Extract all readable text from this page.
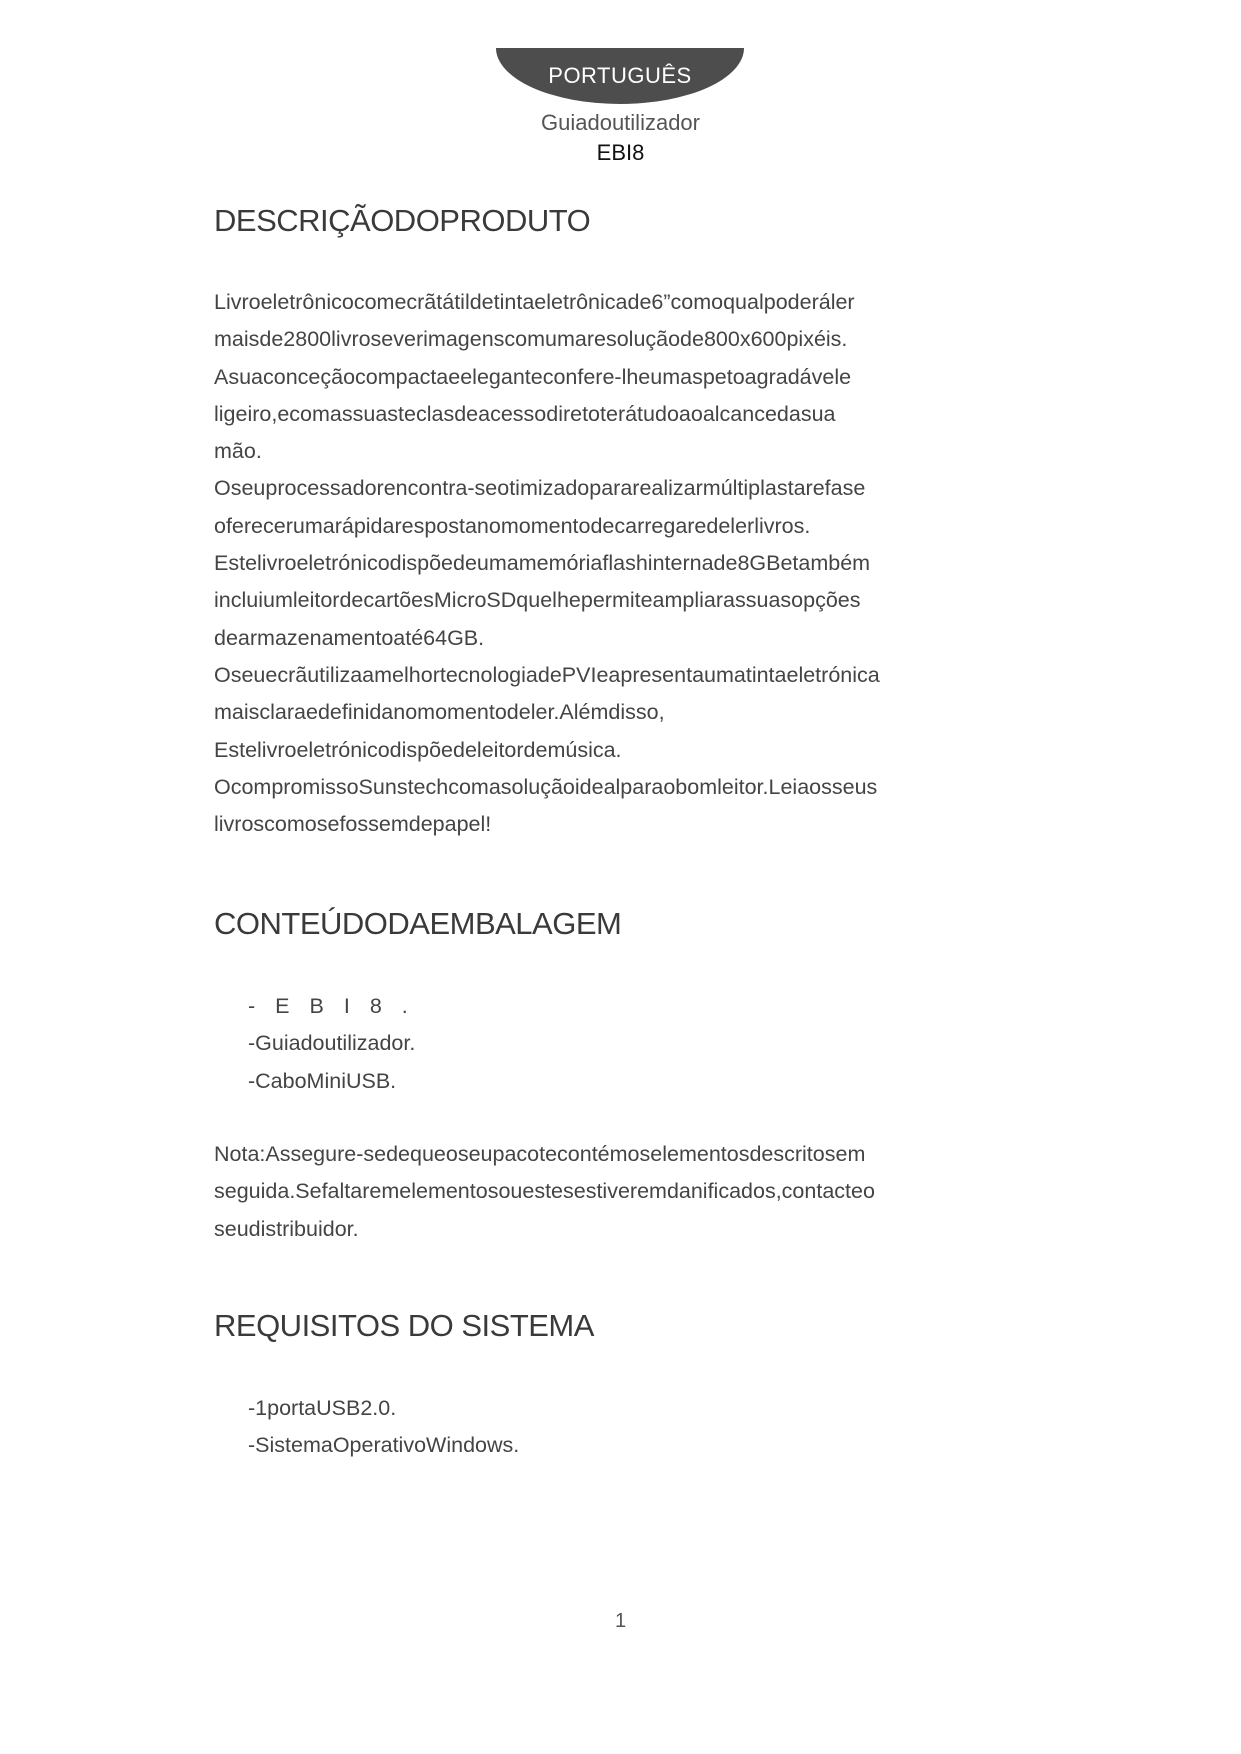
PORTUGUÊS
Guiadoutilizador
EBI8
DESCRIÇÃODOPRODUTO
Livroeletrônicocomecrãtátildetintaeletrônicade6”comoqualpoderáler
maisde2800livroseverimagenscomumaresoluçãode800x600pixéis.
Asuaconceçãocompactaeeleganteconfere-lheumaspetoagradávele
ligeiro,ecomassuasteclasdeacessodiretoterátudoaoalcancedasua
mão.
Oseuprocessadorencontra-seotimizadopararealizarmúltiplastarefase
oferecerumarápidarespostanomomentodecarregaredelerlivros.
Estelivroeletrónicodispõedeumamemóriaflashinternade8GBetambém
incluiumleitordecartõesMicroSDquelhepermiteampliarassuasopções
dearmazenamentoaté64GB.
OseuecrãutilizaamelhortecnologiadePVIeapresentaumatintaeletrónica
maisclaraedefinidanomomentodeler.Alémdisso,
Estelivroeletrónicodispõedeleitordemúsica.
OcompromissoSunstechcomasoluçãoidealparaobomleitor.Leiaosseus
livroscomosefossemdepapel!
CONTEÚDODAEMBALAGEM
-EBI8.
-Guiadoutilizador.
-CaboMiniUSB.
Nota:Assegure-sedequeoseupacotecontémoselementosdescritosem
seguida.Sefaltaremelementosouestesestiveremdanificados,contacteo
seudistribuidor.
REQUISITOS DO SISTEMA
-1portaUSB2.0.
-SistemaOperativoWindows.
1
